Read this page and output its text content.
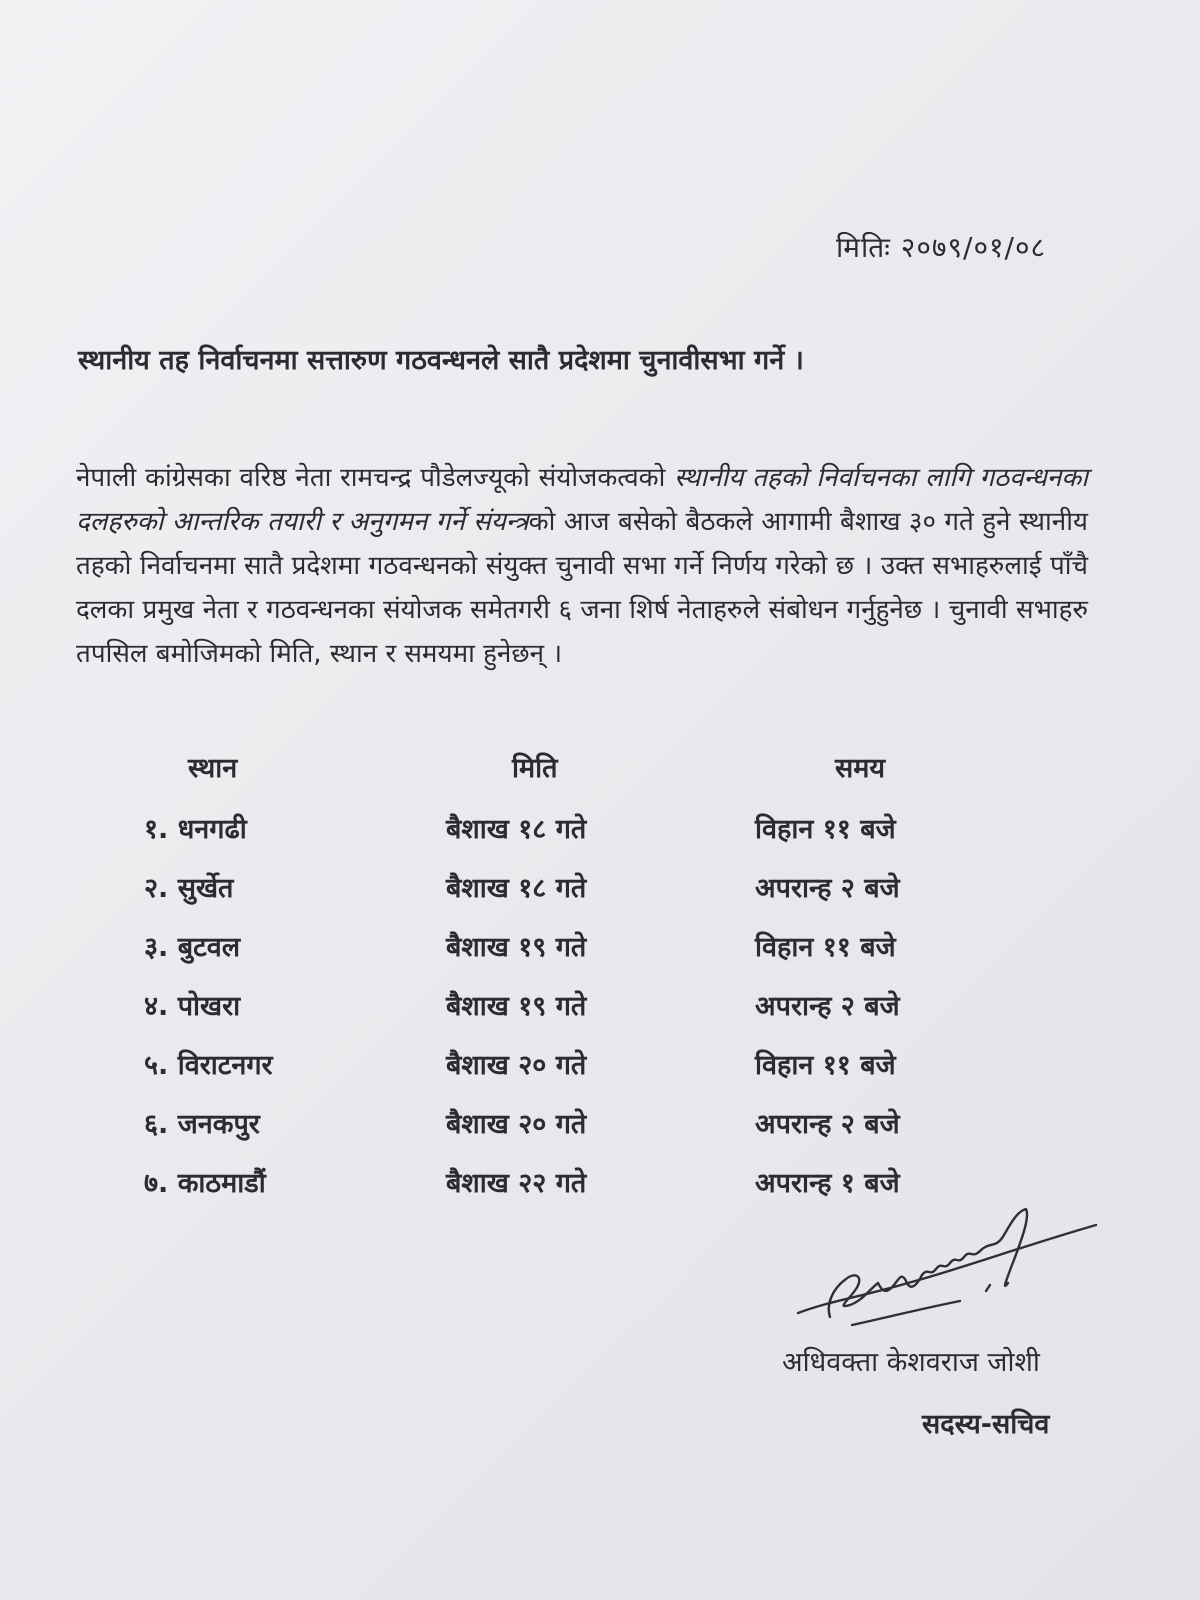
मितिः २०७९/०१/०८
स्थानीय तह निर्वाचनमा सत्तारुण गठवन्धनले सातै प्रदेशमा चुनावीसभा गर्ने ।
नेपाली कांग्रेसका वरिष्ठ नेता रामचन्द्र पौडेलज्यूको संयोजकत्वको स्थानीय तहको निर्वाचनका लागि गठवन्धनका दलहरुको आन्तरिक तयारी र अनुगमन गर्ने संयन्त्रको आज बसेको बैठकले आगामी बैशाख ३० गते हुने स्थानीय तहको निर्वाचनमा सातै प्रदेशमा गठवन्धनको संयुक्त चुनावी सभा गर्ने निर्णय गरेको छ । उक्त सभाहरुलाई पाँचै दलका प्रमुख नेता र गठवन्धनका संयोजक समेतगरी ६ जना शिर्ष नेताहरुले संबोधन गर्नुहुनेछ । चुनावी सभाहरु तपसिल बमोजिमको मिति, स्थान र समयमा हुनेछन् ।
स्थान	मिति	समय
१. धनगढी	बैशाख १८ गते	विहान ११ बजे
२. सुर्खेत	बैशाख १८ गते	अपरान्ह २ बजे
३. बुटवल	बैशाख १९ गते	विहान ११ बजे
४. पोखरा	बैशाख १९ गते	अपरान्ह २ बजे
५. विराटनगर	बैशाख २० गते	विहान ११ बजे
६. जनकपुर	बैशाख २० गते	अपरान्ह २ बजे
७. काठमाडौं	बैशाख २२ गते	अपरान्ह १ बजे
अधिवक्ता केशवराज जोशी
सदस्य-सचिव
